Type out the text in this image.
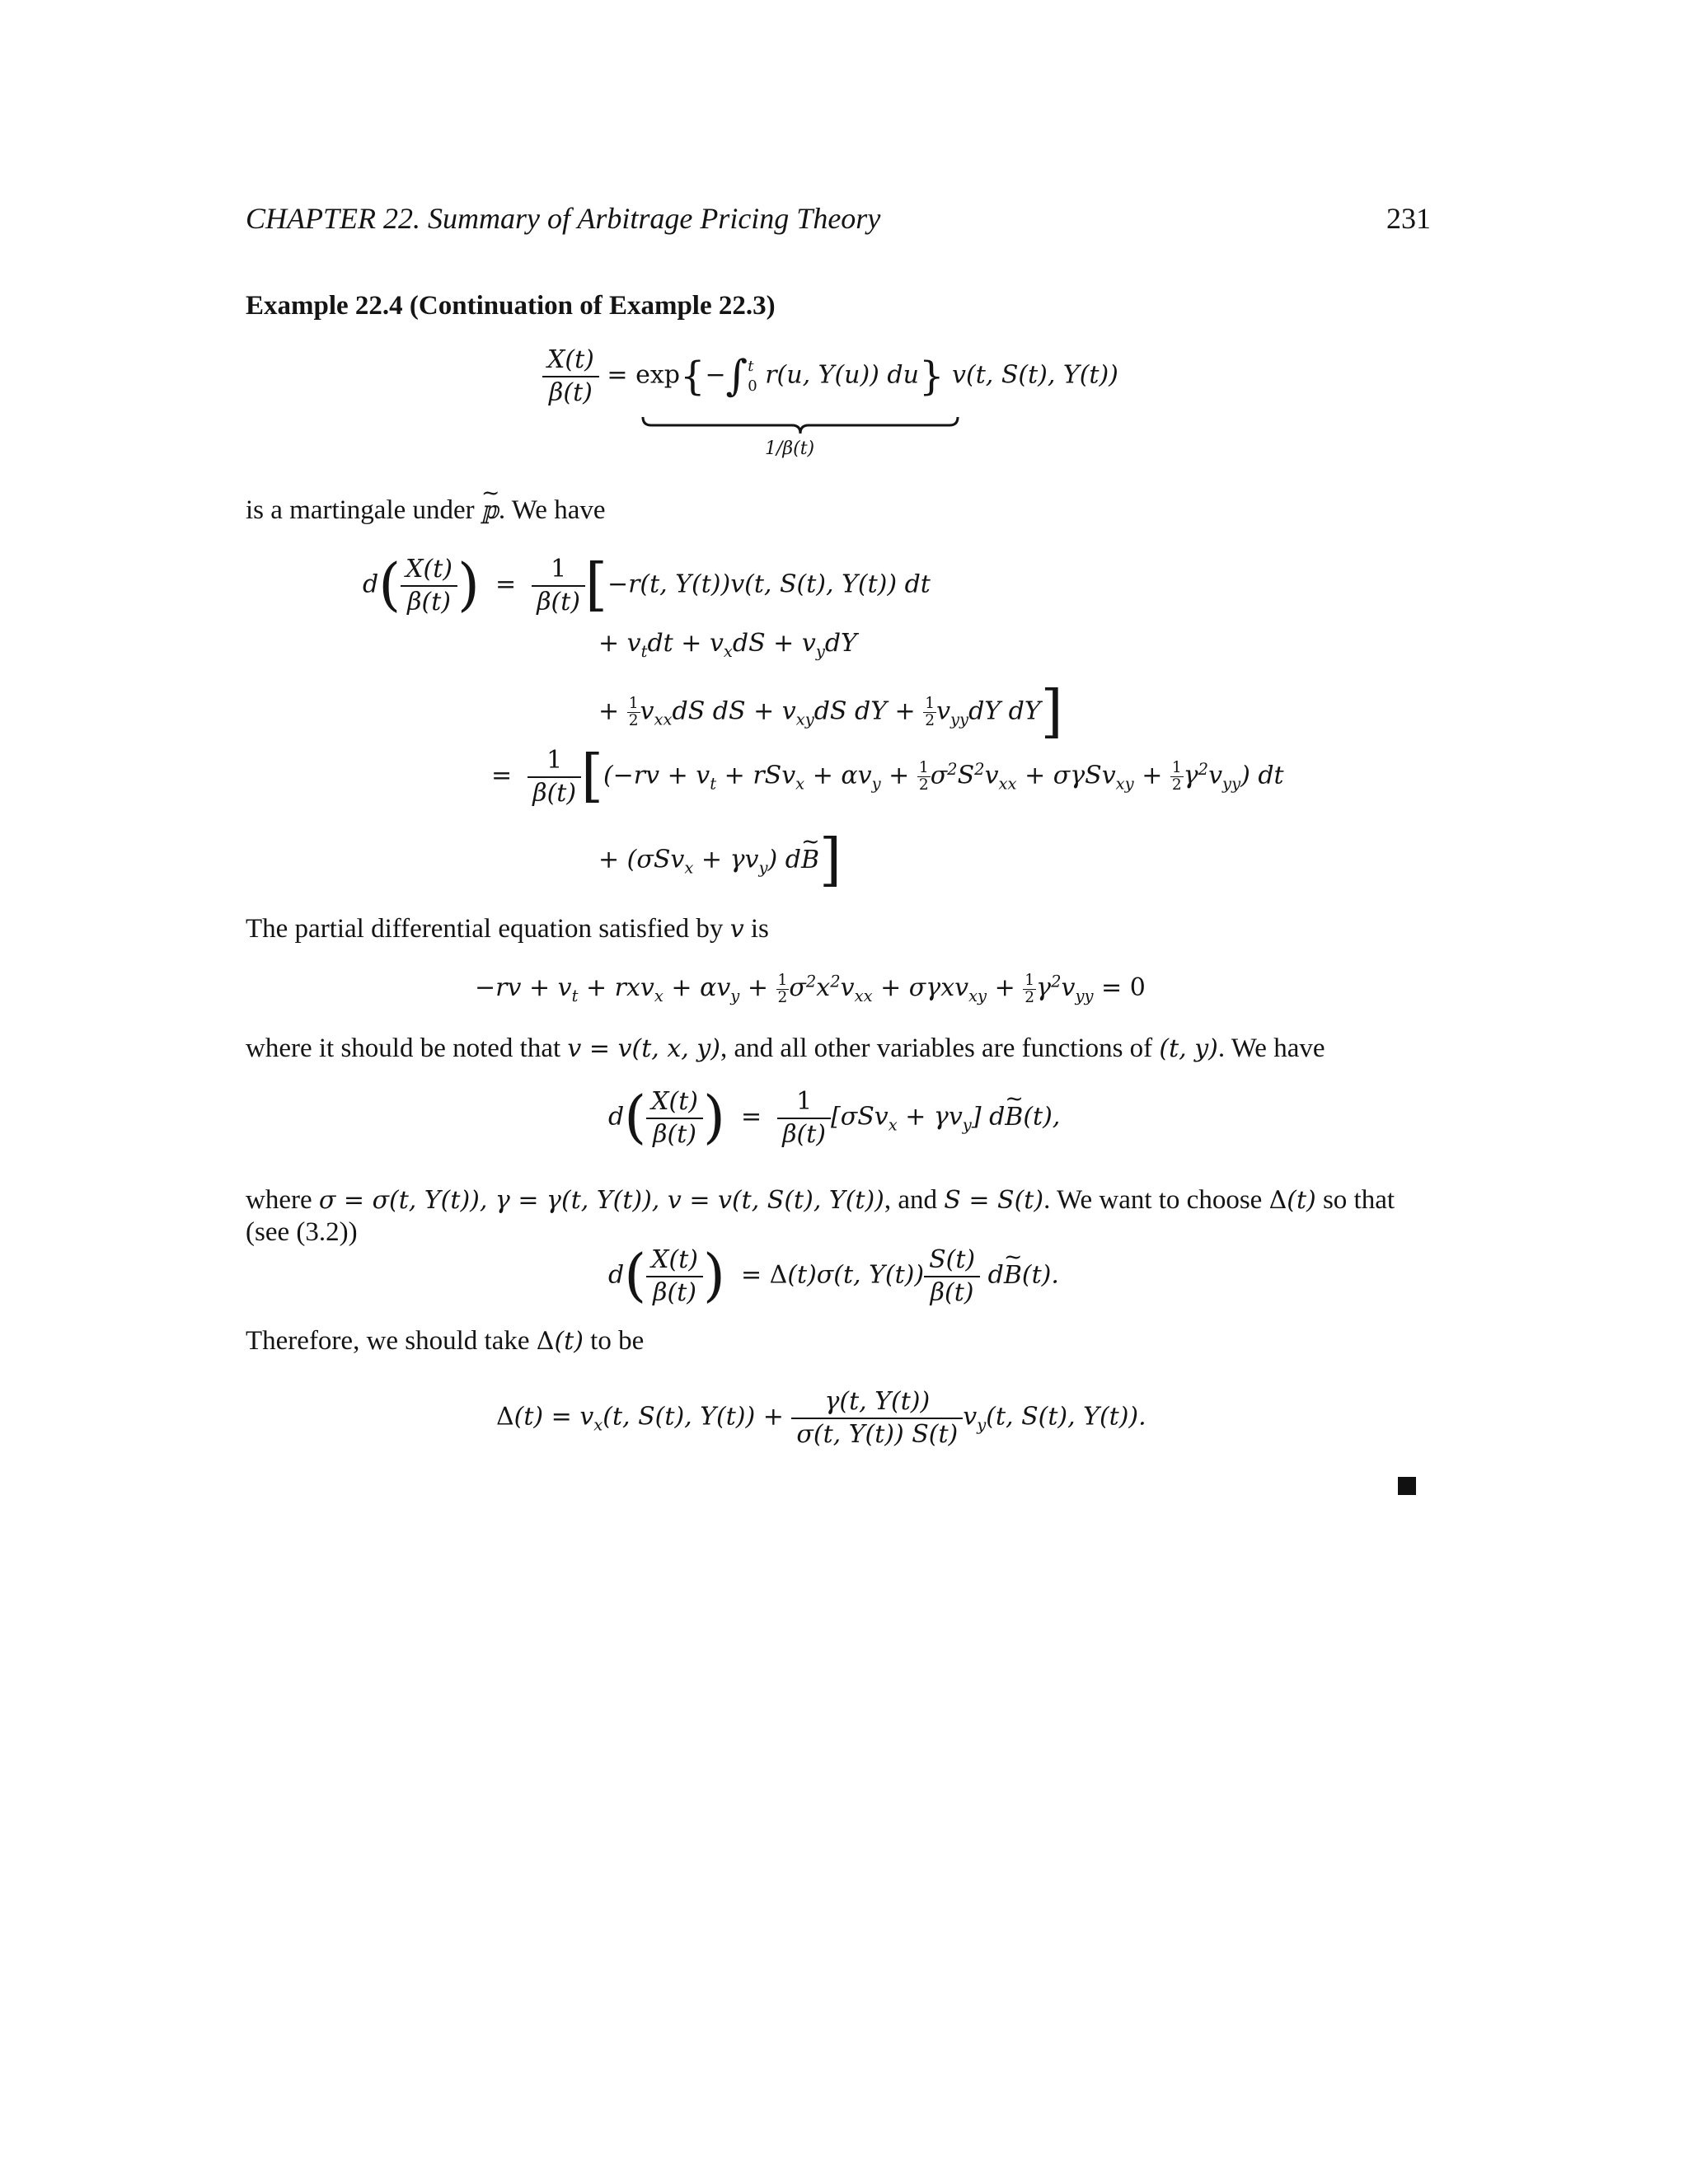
CHAPTER 22. Summary of Arbitrage Pricing Theory	231
Example 22.4 (Continuation of Example 22.3)
$\frac{X(t)}{\beta(t)} = \exp\{-\int$ t
0 r(u, Y(u)) du} v(t, S(t), Y(t))
1/β(t)
is a martingale under ~ 𝕡. We have
$d( \frac{X(t)}{\beta(t)}$ )  = $\frac{1}{\beta(t)} [-r(t$, Y(t))v(t, S(t), Y(t)) dt
+ $v_tdt + v_xdS + v_ydY$
+ $\frac{1}{2} v_{xx}dS$ dS + $v_{xy}dS$ dY + $\frac{1}{2} v_{yy}dY$ dY]
= $\frac{1}{\beta(t)} [(-rv + v_t + rSv_x + \alpha v_y + \frac{1}{2} \sigma^2S^2v_{xx} + \sigma\gamma Sv_{xy} + \frac{1}{2} \gamma^2v_{yy})$ dt
+ $(\sigma Sv_x + \gamma v_y)$ d~ B]
The partial differential equation satisfied by v is
$-rv + v_t + rxv_x + \alpha v_y + \frac{1}{2} \sigma^2x^2v_{xx} + \sigma\gamma xv_{xy} + \frac{1}{2} \gamma^2v_{yy} = 0$
where it should be noted that v = v(t, x, y), and all other variables are functions of (t, y). We have
$d( \frac{X(t)}{\beta(t)}$ )  = $\frac{1}{\beta(t)} [\sigma Sv_x + \gamma v_y]$ d~ B(t),
where σ = σ(t, Y(t)), γ = γ(t, Y(t)), v = v(t, S(t), Y(t)), and S = S(t). We want to choose Δ(t) so that
(see (3.2))
$d( \frac{X(t)}{\beta(t)}$ )  = Δ(t)σ(t, $Y(t)) \frac{S(t)}{\beta(t)}$ d~ B(t).
Therefore, we should take Δ(t) to be
$\Delta(t) = v_x(t$, S(t), $Y(t)) + \frac{\gamma(t, Y(t))}{\sigma(t, Y(t)) S(t)} v_y(t$, S(t), Y(t)).
